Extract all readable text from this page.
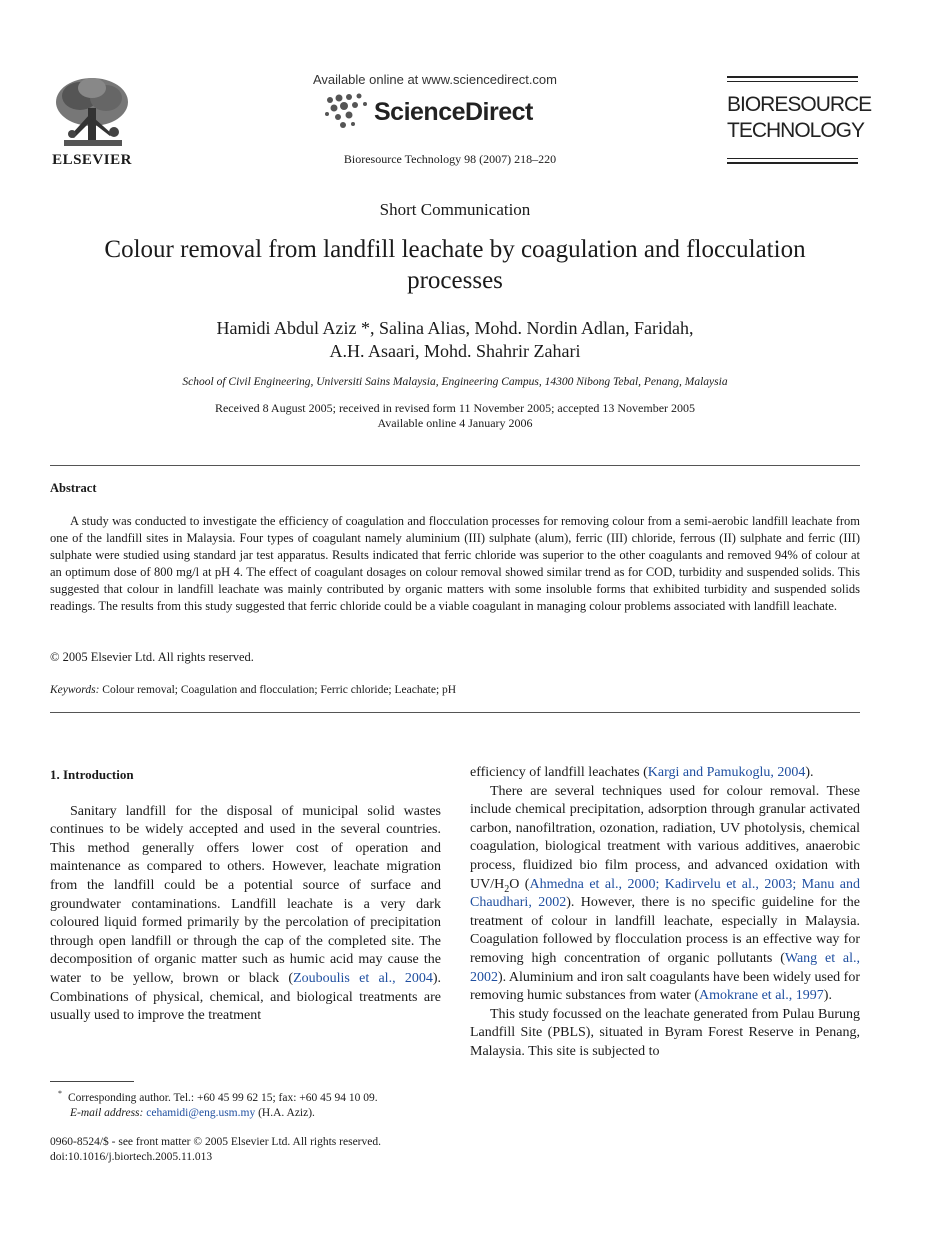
ELSEVIER
Available online at www.sciencedirect.com
ScienceDirect
Bioresource Technology 98 (2007) 218–220
BIORESOURCE
TECHNOLOGY
Short Communication
Colour removal from landfill leachate by coagulation and flocculation processes
Hamidi Abdul Aziz *, Salina Alias, Mohd. Nordin Adlan, Faridah,
A.H. Asaari, Mohd. Shahrir Zahari
School of Civil Engineering, Universiti Sains Malaysia, Engineering Campus, 14300 Nibong Tebal, Penang, Malaysia
Received 8 August 2005; received in revised form 11 November 2005; accepted 13 November 2005
Available online 4 January 2006
Abstract
A study was conducted to investigate the efficiency of coagulation and flocculation processes for removing colour from a semi-aerobic landfill leachate from one of the landfill sites in Malaysia. Four types of coagulant namely aluminium (III) sulphate (alum), ferric (III) chloride, ferrous (II) sulphate and ferric (III) sulphate were studied using standard jar test apparatus. Results indicated that ferric chloride was superior to the other coagulants and removed 94% of colour at an optimum dose of 800 mg/l at pH 4. The effect of coagulant dosages on colour removal showed similar trend as for COD, turbidity and suspended solids. This suggested that colour in landfill leachate was mainly contributed by organic matters with some insoluble forms that exhibited turbidity and suspended solids readings. The results from this study suggested that ferric chloride could be a viable coagulant in managing colour problems associated with landfill leachate.
© 2005 Elsevier Ltd. All rights reserved.
Keywords: Colour removal; Coagulation and flocculation; Ferric chloride; Leachate; pH
1. Introduction

Sanitary landfill for the disposal of municipal solid wastes continues to be widely accepted and used in the several countries. This method generally offers lower cost of operation and maintenance as compared to others. However, leachate migration from the landfill could be a potential source of surface and groundwater contaminations. Landfill leachate is a very dark coloured liquid formed primarily by the percolation of precipitation through open landfill or through the cap of the completed site. The decomposition of organic matter such as humic acid may cause the water to be yellow, brown or black (Zouboulis et al., 2004). Combinations of physical, chemical, and biological treatments are usually used to improve the treatment

efficiency of landfill leachates (Kargi and Pamukoglu, 2004).

There are several techniques used for colour removal. These include chemical precipitation, adsorption through granular activated carbon, nanofiltration, ozonation, radiation, UV photolysis, chemical coagulation, biological treatment with various additives, anaerobic process, fluidized bio film process, and advanced oxidation with $UV/H_2O$ (Ahmedna et al., 2000; Kadirvelu et al., 2003; Manu and Chaudhari, 2002). However, there is no specific guideline for the treatment of colour in landfill leachate, especially in Malaysia. Coagulation followed by flocculation process is an effective way for removing high concentration of organic pollutants (Wang et al., 2002). Aluminium and iron salt coagulants have been widely used for removing humic substances from water (Amokrane et al., 1997).

This study focussed on the leachate generated from Pulau Burung Landfill Site (PBLS), situated in Byram Forest Reserve in Penang, Malaysia. This site is subjected to

* Corresponding author. Tel.: +60 45 99 62 15; fax: +60 45 94 10 09.
E-mail address: cehamidi@eng.usm.my (H.A. Aziz).
0960-8524/$ - see front matter © 2005 Elsevier Ltd. All rights reserved.
doi:10.1016/j.biortech.2005.11.013
